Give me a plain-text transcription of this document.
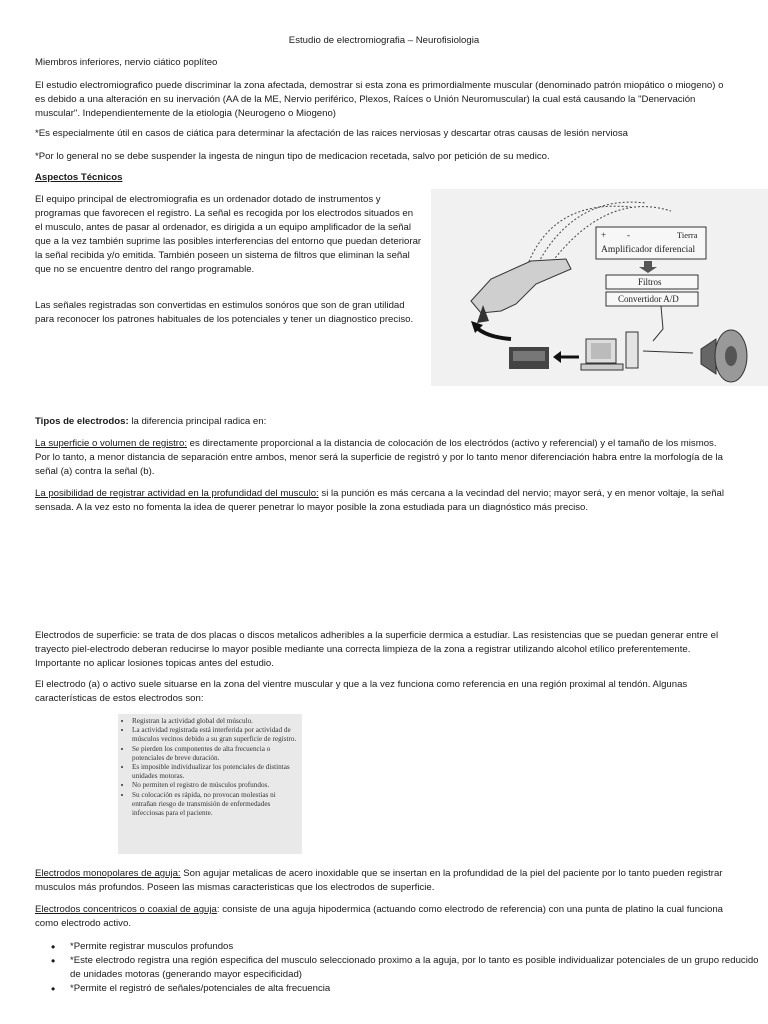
Estudio de electromiografia – Neurofisiologia

Miembros inferiores, nervio ciático poplíteo

El estudio electromiografico puede discriminar la zona afectada, demostrar si esta zona es primordialmente muscular (denominado patrón miopático o miogeno) o es debido a una alteración en su inervación (AA de la ME, Nervio periférico, Plexos, Raíces o Unión Neuromuscular) la cual está causando la "Denervación muscular". Independientemente de la etiologia (Neurogeno o Miogeno)

*Es especialmente útil en casos de ciática para determinar la afectación de las raices nerviosas y descartar otras causas de lesión nerviosa

*Por lo general no se debe suspender la ingesta de ningun tipo de medicacion recetada, salvo por petición de su medico.

Aspectos Técnicos

El equipo principal de electromiografia es un ordenador dotado de instrumentos y programas que favorecen el registro. La señal es recogida por los electrodos situados en el musculo, antes de pasar al ordenador, es dirigida a un equipo amplificador de la señal que a la vez también suprime las posibles interferencias del entorno que puedan deteriorar la señal recibida y/o emitida. También poseen un sistema de filtros que eliminan la señal que no se encuentre dentro del rango programable.

Las señales registradas son convertidas en estimulos sonóros que son de gran utilidad para reconocer los patrones habituales de los potenciales y tener un diagnostico preciso.

+ -	Tierra
Amplificador diferencial
Filtros
Convertidor A/D

Tipos de electrodos: la diferencia principal radica en:

La superficie o volumen de registro: es directamente proporcional a la distancia de colocación de los electródos (activo y referencial) y el tamaño de los mismos. Por lo tanto, a menor distancia de separación entre ambos, menor será la superficie de registró y por lo tanto menor diferenciación habra entre la morfología de la señal (a) contra la señal (b).

La posibilidad de registrar actividad en la profundidad del musculo: si la punción es más cercana a la vecindad del nervio; mayor será, y en menor voltaje, la señal sensada. A la vez esto no fomenta la idea de querer penetrar lo mayor posible la zona estudiada para un diagnóstico más preciso.

Electrodos de superficie: se trata de dos placas o discos metalicos adheribles a la superficie dermica a estudiar. Las resistencias que se puedan generar entre el trayecto piel-electrodo deberan reducirse lo mayor posible mediante una correcta limpieza de la zona a registrar utilizando alcohol etílico preferentemente. Importante no aplicar losiones topicas antes del estudio.

El electrodo (a) o activo suele situarse en la zona del vientre muscular y que a la vez funciona como referencia en una región proximal al tendón. Algunas características de estos electrodos son:

• Registran la actividad global del músculo.
• La actividad registrada está interferida por actividad de músculos vecinos debido a su gran superficie de registro.
• Se pierden los componentes de alta frecuencia o potenciales de breve duración.
• Es imposible individualizar los potenciales de distintas unidades motoras.
• No permiten el registro de músculos profundos.
• Su colocación es rápida, no provocan molestias ni entrañan riesgo de transmisión de enfermedades infecciosas para el paciente.

Electrodos monopolares de aguja: Son agujar metalicas de acero inoxidable que se insertan en la profundidad de la piel del paciente por lo tanto pueden registrar musculos más profundos. Poseen las mismas caracteristicas que los electrodos de superficie.

Electrodos concentricos o coaxial de aguja: consiste de una aguja hipodermica (actuando como electrodo de referencia) con una punta de platino la cual funciona como electrodo activo.

• *Permite registrar musculos profundos
• *Este electrodo registra una región especifica del musculo seleccionado proximo a la aguja, por lo tanto es posible individualizar potenciales de un grupo reducido de unidades motoras (generando mayor especificidad)
• *Permite el registró de señales/potenciales de alta frecuencia
